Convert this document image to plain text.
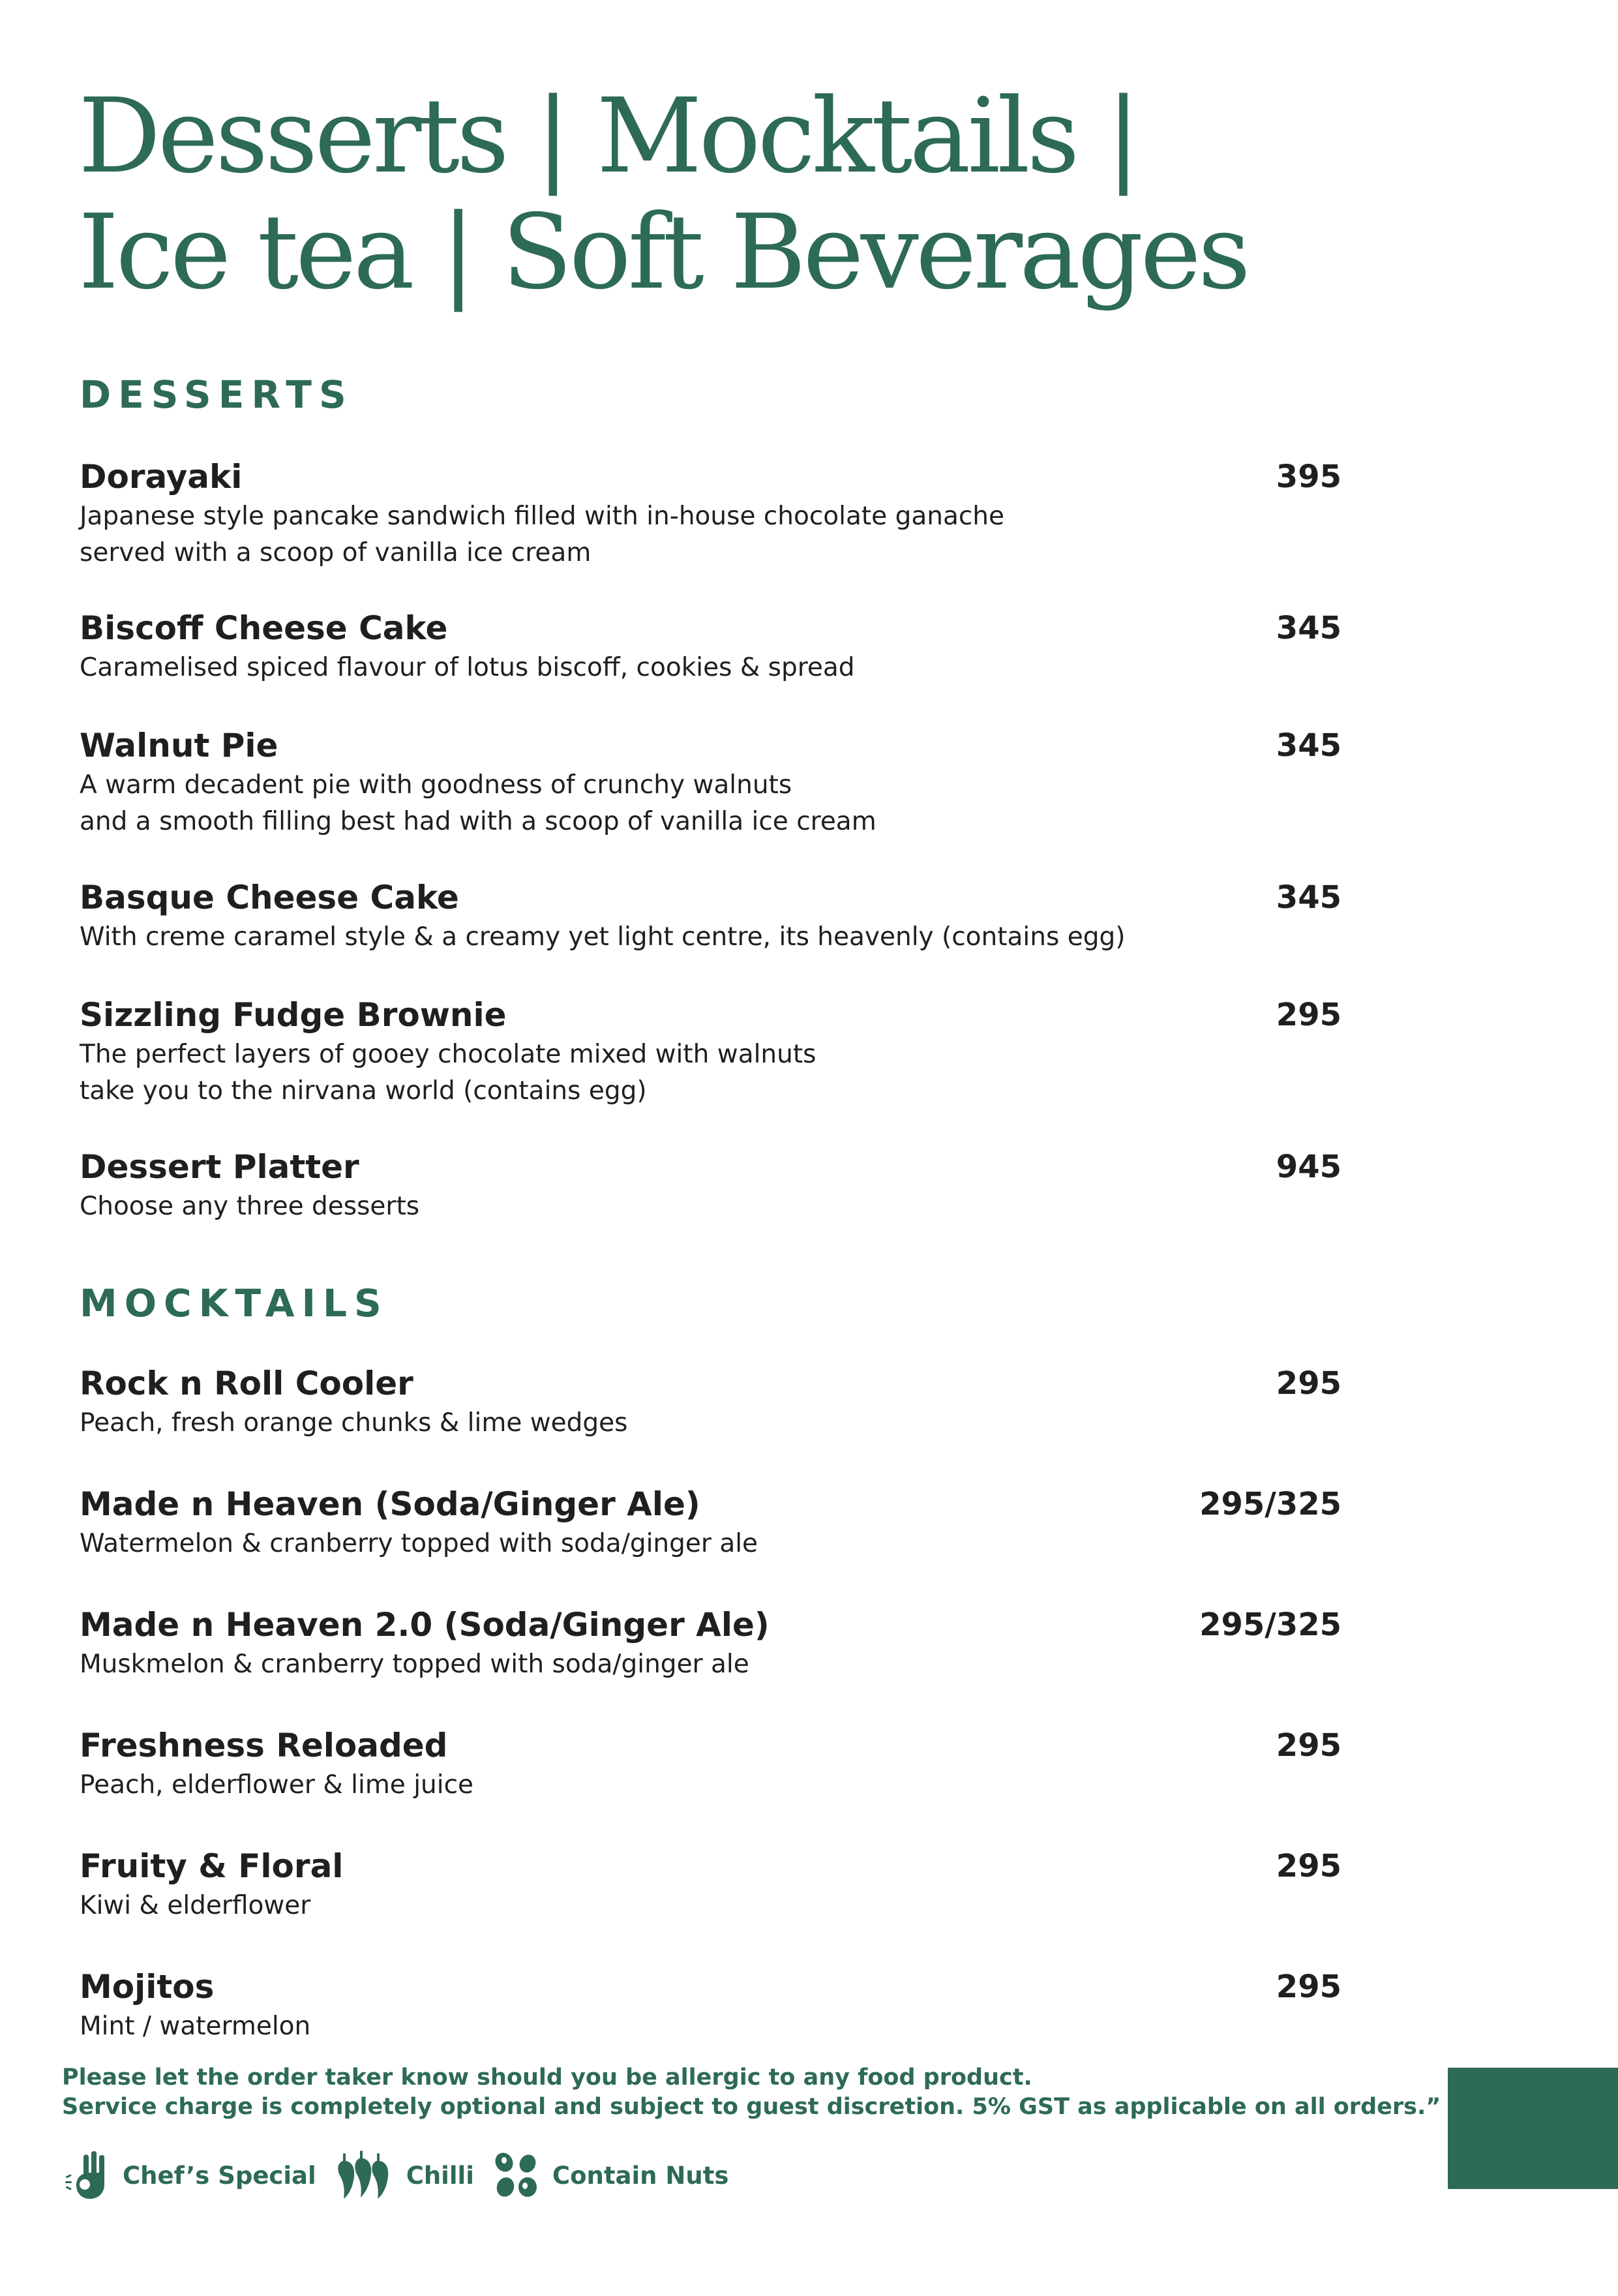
Desserts | Mocktails |
Ice tea | Soft Beverages
DESSERTS
Dorayaki
Japanese style pancake sandwich filled with in-house chocolate ganache
served with a scoop of vanilla ice cream
395
Biscoff Cheese Cake
Caramelised spiced flavour of lotus biscoff, cookies & spread
345
Walnut Pie
A warm decadent pie with goodness of crunchy walnuts
and a smooth filling best had with a scoop of vanilla ice cream
345
Basque Cheese Cake
With creme caramel style & a creamy yet light centre, its heavenly (contains egg)
345
Sizzling Fudge Brownie
The perfect layers of gooey chocolate mixed with walnuts
take you to the nirvana world (contains egg)
295
Dessert Platter
Choose any three desserts
945
MOCKTAILS
Rock n Roll Cooler
Peach, fresh orange chunks & lime wedges
295
Made n Heaven (Soda/Ginger Ale)
Watermelon & cranberry topped with soda/ginger ale
295/325
Made n Heaven 2.0 (Soda/Ginger Ale)
Muskmelon & cranberry topped with soda/ginger ale
295/325
Freshness Reloaded
Peach, elderflower & lime juice
295
Fruity & Floral
Kiwi & elderflower
295
Mojitos
Mint / watermelon
295
Please let the order taker know should you be allergic to any food product.
Service charge is completely optional and subject to guest discretion. 5% GST as applicable on all orders.”
Chef’s Special	Chilli	Contain Nuts
